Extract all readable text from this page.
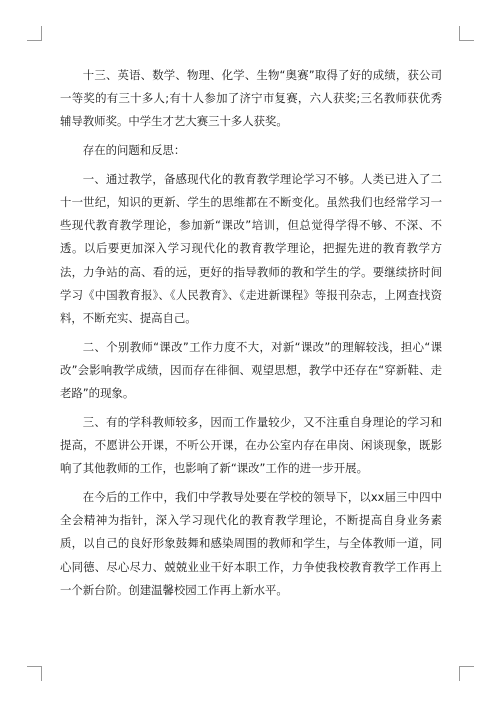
十三、英语、数学、物理、化学、生物“奥赛”取得了好的成绩，获公司一等奖的有三十多人;有十人参加了济宁市复赛，六人获奖;三名教师获优秀辅导教师奖。中学生才艺大赛三十多人获奖。

存在的问题和反思：

一、通过教学，备感现代化的教育教学理论学习不够。人类已进入了二十一世纪，知识的更新、学生的思维都在不断变化。虽然我们也经常学习一些现代教育教学理论，参加新“课改”培训，但总觉得学得不够、不深、不透。以后要更加深入学习现代化的教育教学理论，把握先进的教育教学方法，力争站的高、看的远，更好的指导教师的教和学生的学。要继续挤时间学习《中国教育报》、《人民教育》、《走进新课程》等报刊杂志，上网查找资料，不断充实、提高自己。

二、个别教师“课改”工作力度不大，对新“课改”的理解较浅，担心“课改”会影响教学成绩，因而存在徘徊、观望思想，教学中还存在“穿新鞋、走老路”的现象。

三、有的学科教师较多，因而工作量较少，又不注重自身理论的学习和提高，不愿讲公开课，不听公开课，在办公室内存在串岗、闲谈现象，既影响了其他教师的工作，也影响了新“课改”工作的进一步开展。

在今后的工作中，我们中学教导处要在学校的领导下，以xx届三中四中全会精神为指针，深入学习现代化的教育教学理论，不断提高自身业务素质，以自己的良好形象鼓舞和感染周围的教师和学生，与全体教师一道，同心同德、尽心尽力、兢兢业业干好本职工作，力争使我校教育教学工作再上一个新台阶。创建温馨校园工作再上新水平。
